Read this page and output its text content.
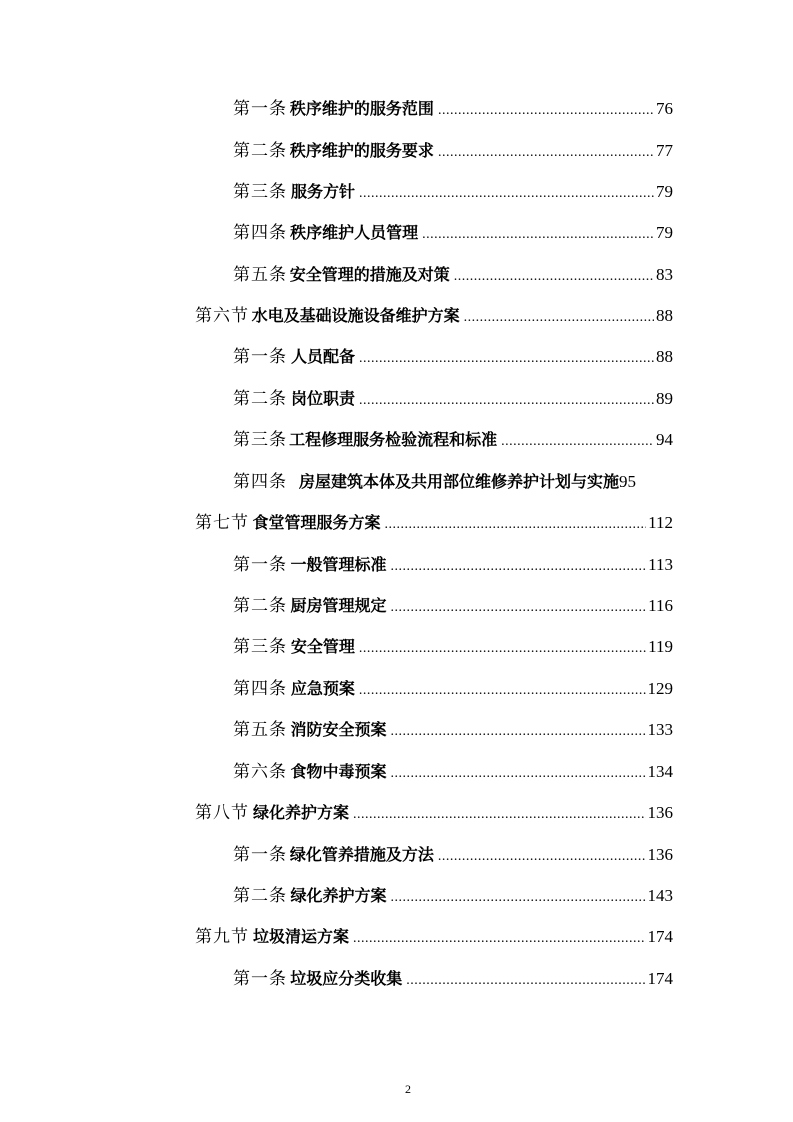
第一条 秩序维护的服务范围 .....	76
第二条 秩序维护的服务要求 .....	77
第三条 服务方针 .....	79
第四条 秩序维护人员管理 .....	79
第五条 安全管理的措施及对策 .....	83
第六节 水电及基础设施设备维护方案 .....	88
第一条 人员配备 .....	88
第二条 岗位职责 .....	89
第三条 工程修理服务检验流程和标准 .....	94
第四条 房屋建筑本体及共用部位维修养护计划与实施 95
第七节 食堂管理服务方案 .....	112
第一条 一般管理标准 .....	113
第二条 厨房管理规定 .....	116
第三条 安全管理 .....	119
第四条 应急预案 .....	129
第五条 消防安全预案 .....	133
第六条 食物中毒预案 .....	134
第八节 绿化养护方案 .....	136
第一条 绿化管养措施及方法 .....	136
第二条 绿化养护方案 .....	143
第九节 垃圾清运方案 .....	174
第一条 垃圾应分类收集 .....	174
2
